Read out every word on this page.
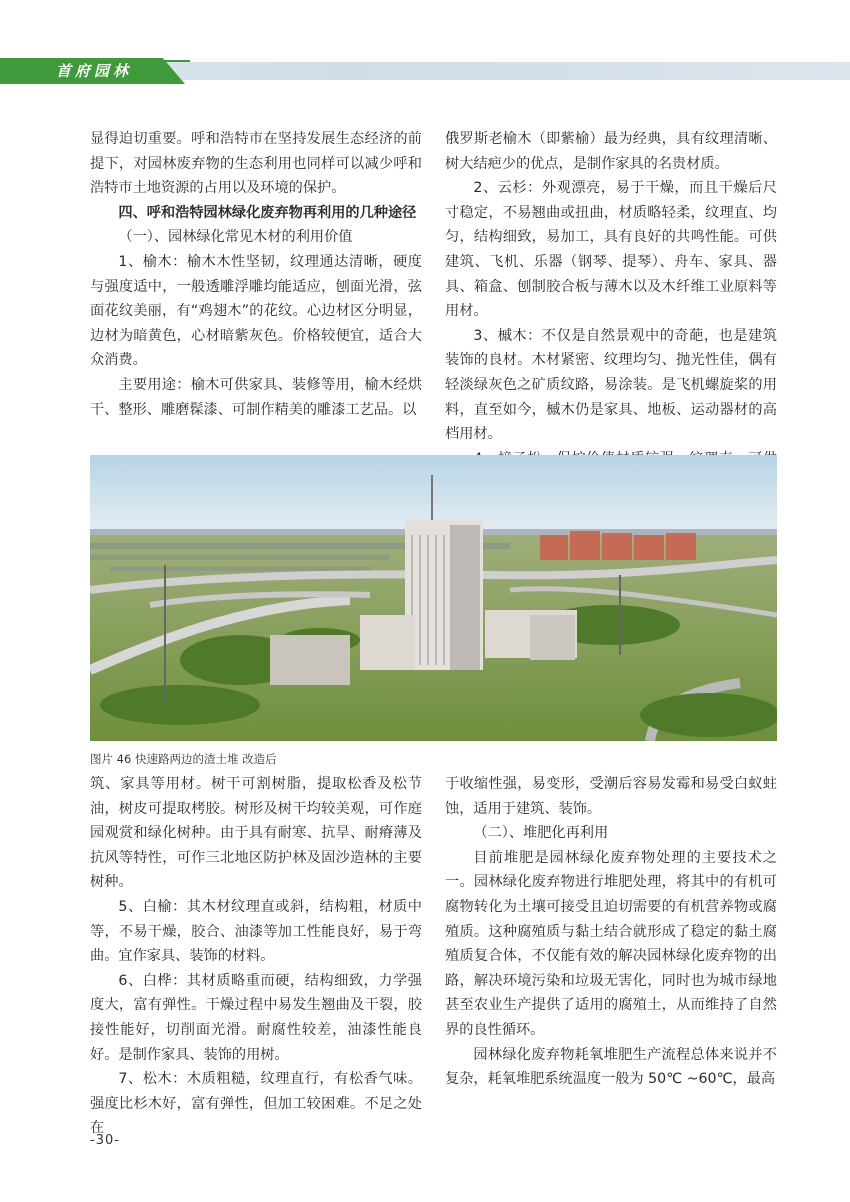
首府园林

显得迫切重要。呼和浩特市在坚持发展生态经济的前提下，对园林废弃物的生态利用也同样可以减少呼和浩特市土地资源的占用以及环境的保护。

四、呼和浩特园林绿化废弃物再利用的几种途径

（一）、园林绿化常见木材的利用价值

1、榆木：榆木木性坚韧，纹理通达清晰，硬度与强度适中，一般透雕浮雕均能适应，刨面光滑，弦面花纹美丽，有“鸡翅木”的花纹。心边材区分明显，边材为暗黄色，心材暗紫灰色。价格较便宜，适合大众消费。

主要用途：榆木可供家具、装修等用，榆木经烘干、整形、雕磨髹漆、可制作精美的雕漆工艺品。以

俄罗斯老榆木（即紫榆）最为经典，具有纹理清晰、树大结疤少的优点，是制作家具的名贵材质。

2、云杉：外观漂亮，易于干燥，而且干燥后尺寸稳定，不易翘曲或扭曲，材质略轻柔，纹理直、均匀，结构细致，易加工，具有良好的共鸣性能。可供建筑、飞机、乐器（钢琴、提琴）、舟车、家具、器具、箱盒、刨制胶合板与薄木以及木纤维工业原料等用材。

3、槭木：不仅是自然景观中的奇葩，也是建筑装饰的良材。木材紧密、纹理均匀、抛光性佳，偶有轻淡绿灰色之矿质纹路，易涂装。是飞机螺旋桨的用料，直至如今，槭木仍是家具、地板、运动器材的高档用材。

图片 46 快速路两边的渣土堆 改造后

筑、家具等用材。树干可割树脂，提取松香及松节油，树皮可提取栲胶。树形及树干均较美观，可作庭园观赏和绿化树种。由于具有耐寒、抗旱、耐瘠薄及抗风等特性，可作三北地区防护林及固沙造林的主要树种。

5、白榆：其木材纹理直或斜，结构粗，材质中等，不易干燥，胶合、油漆等加工性能良好，易于弯曲。宜作家具、装饰的材料。

6、白桦：其材质略重而硬，结构细致，力学强度大，富有弹性。干燥过程中易发生翘曲及干裂，胶接性能好，切削面光滑。耐腐性较差，油漆性能良好。是制作家具、装饰的用树。

7、松木：木质粗糙，纹理直行，有松香气味。强度比杉木好，富有弹性，但加工较困难。不足之处在

于收缩性强，易变形，受潮后容易发霉和易受白蚁蛀蚀，适用于建筑、装饰。

（二）、堆肥化再利用

目前堆肥是园林绿化废弃物处理的主要技术之一。园林绿化废弃物进行堆肥处理，将其中的有机可腐物转化为土壤可接受且迫切需要的有机营养物或腐殖质。这种腐殖质与黏土结合就形成了稳定的黏土腐殖质复合体，不仅能有效的解决园林绿化废弃物的出路，解决环境污染和垃圾无害化，同时也为城市绿地甚至农业生产提供了适用的腐殖土，从而维持了自然界的良性循环。

园林绿化废弃物耗氧堆肥生产流程总体来说并不复杂，耗氧堆肥系统温度一般为 50℃ ~60℃，最高

-30-
